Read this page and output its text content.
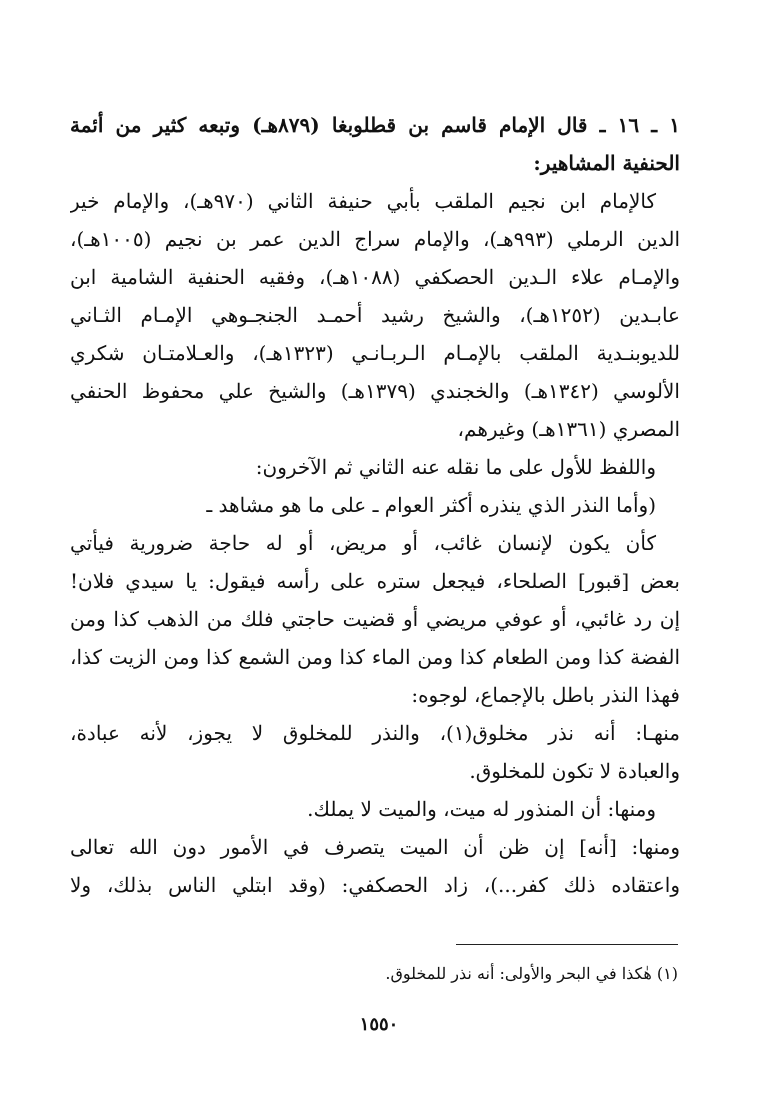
١ ـ ١٦ ـ قال الإمام قاسم بن قطلوبغا (٨٧٩هـ) وتبعه كثير من أئمة
الحنفية المشاهير:
كالإمام ابن نجيم الملقب بأبي حنيفة الثاني (٩٧٠هـ)، والإمام خير
الدين الرملي (٩٩٣هـ)، والإمام سراج الدين عمر بن نجيم (١٠٠٥هـ)،
والإمـام علاء الـدين الحصكفي (١٠٨٨هـ)، وفقيه الحنفية الشامية ابن
عابـدين (١٢٥٢هـ)، والشيخ رشيد أحمـد الجنجـوهي الإمـام الثـاني
للديوبنـدية الملقب بالإمـام الـربـانـي (١٣٢٣هـ)، والعـلامتـان شكري
الألوسي (١٣٤٢هـ) والخجندي (١٣٧٩هـ) والشيخ علي محفوظ الحنفي
المصري (١٣٦١هـ) وغيرهم،
واللفظ للأول على ما نقله عنه الثاني ثم الآخرون:
(وأما النذر الذي ينذره أكثر العوام ـ على ما هو مشاهد ـ
كأن يكون لإنسان غائب، أو مريض، أو له حاجة ضرورية فيأتي
بعض [قبور] الصلحاء، فيجعل ستره على رأسه فيقول: يا سيدي فلان!
إن رد غائبي، أو عوفي مريضي أو قضيت حاجتي فلك من الذهب كذا ومن
الفضة كذا ومن الطعام كذا ومن الماء كذا ومن الشمع كذا ومن الزيت كذا،
فهذا النذر باطل بالإجماع، لوجوه:
منهـا: أنه نذر مخلوق(١)، والنذر للمخلوق لا يجوز، لأنه عبادة،
والعبادة لا تكون للمخلوق.
ومنها: أن المنذور له ميت، والميت لا يملك.
ومنها: [أنه] إن ظن أن الميت يتصرف في الأمور دون الله تعالى
واعتقاده ذلك كفر...)، زاد الحصكفي: (وقد ابتلي الناس بذلك، ولا
(١) هٰكذا في البحر والأولى: أنه نذر للمخلوق.
١٥٥٠
